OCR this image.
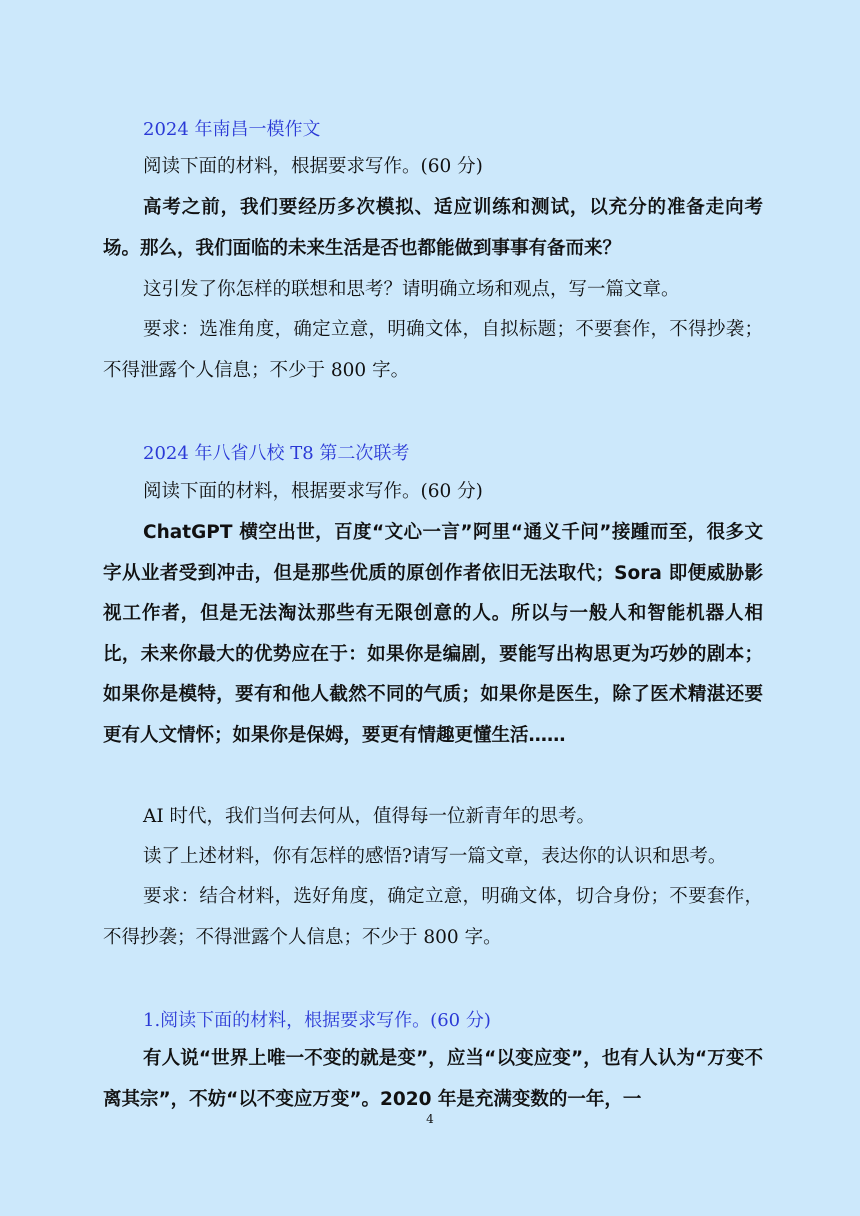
2024 年南昌一模作文

阅读下面的材料，根据要求写作。(60 分)

高考之前，我们要经历多次模拟、适应训练和测试，以充分的准备走向考场。那么，我们面临的未来生活是否也都能做到事事有备而来？

这引发了你怎样的联想和思考？请明确立场和观点，写一篇文章。

要求：选准角度，确定立意，明确文体，自拟标题；不要套作，不得抄袭；不得泄露个人信息；不少于 800 字。

2024 年八省八校 T8 第二次联考

阅读下面的材料，根据要求写作。(60 分)

ChatGPT 横空出世，百度“文心一言”阿里“通义千问”接踵而至，很多文字从业者受到冲击，但是那些优质的原创作者依旧无法取代；Sora 即便威胁影视工作者，但是无法淘汰那些有无限创意的人。所以与一般人和智能机器人相比，未来你最大的优势应在于：如果你是编剧，要能写出构思更为巧妙的剧本；如果你是模特，要有和他人截然不同的气质；如果你是医生，除了医术精湛还要更有人文情怀；如果你是保姆，要更有情趣更懂生活……

AI 时代，我们当何去何从，值得每一位新青年的思考。

读了上述材料，你有怎样的感悟?请写一篇文章，表达你的认识和思考。

要求：结合材料，选好角度，确定立意，明确文体，切合身份；不要套作，不得抄袭；不得泄露个人信息；不少于 800 字。

1.阅读下面的材料，根据要求写作。(60 分)

有人说“世界上唯一不变的就是变”，应当“以变应变”，也有人认为“万变不离其宗”，不妨“以不变应万变”。2020 年是充满变数的一年，一

4
